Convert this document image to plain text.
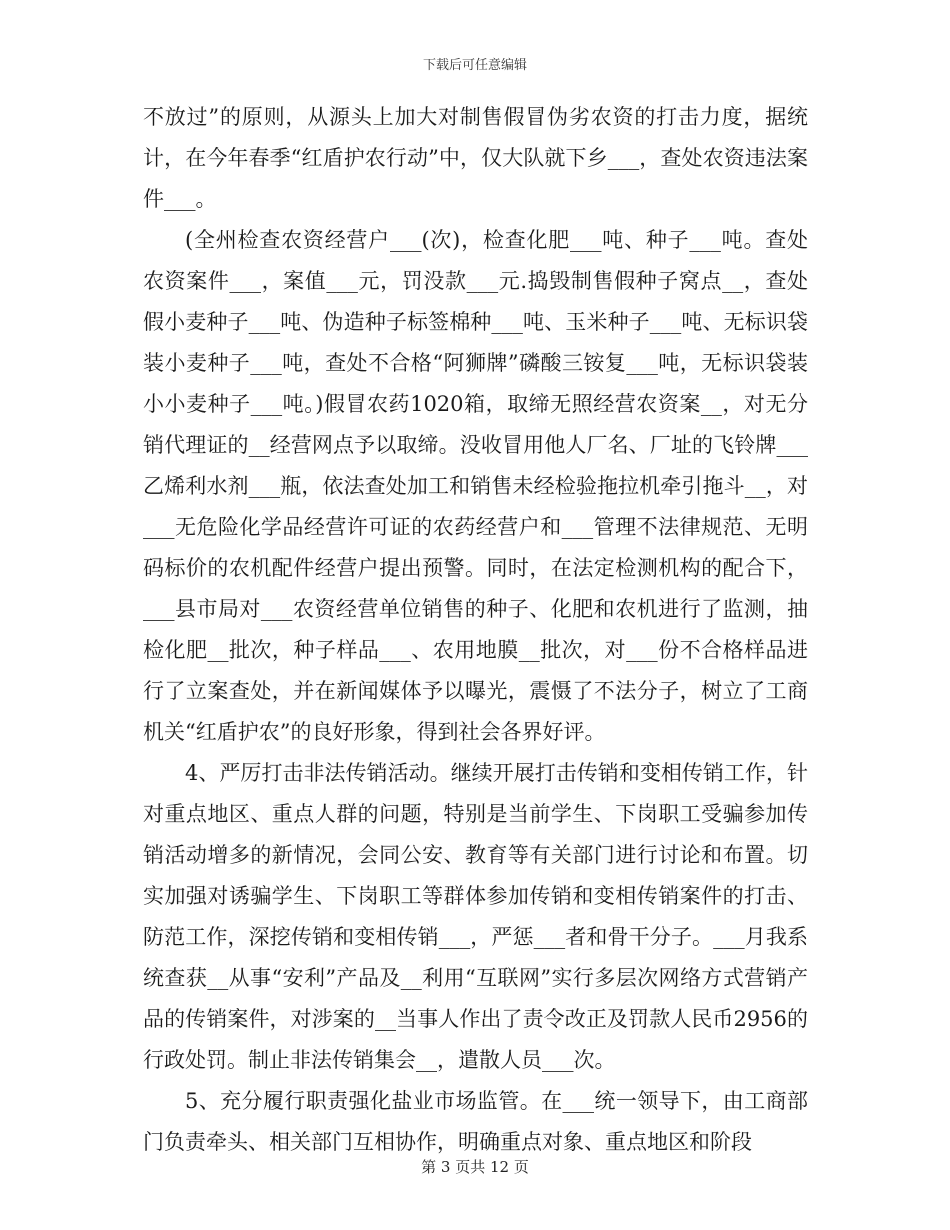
下载后可任意编辑

不放过”的原则，从源头上加大对制售假冒伪劣农资的打击力度，据统计，在今年春季“红盾护农行动”中，仅大队就下乡___，查处农资违法案件___。

(全州检查农资经营户___(次)，检查化肥___吨、种子___吨。查处农资案件___，案值___元，罚没款___元.捣毁制售假种子窝点__，查处假小麦种子___吨、伪造种子标签棉种___吨、玉米种子___吨、无标识袋装小麦种子___吨，查处不合格“阿狮牌”磷酸三铵复___吨，无标识袋装小小麦种子___吨。)假冒农药1020箱，取缔无照经营农资案__，对无分销代理证的__经营网点予以取缔。没收冒用他人厂名、厂址的飞铃牌___乙烯利水剂___瓶，依法查处加工和销售未经检验拖拉机牵引拖斗__，对___无危险化学品经营许可证的农药经营户和___管理不法律规范、无明码标价的农机配件经营户提出预警。同时，在法定检测机构的配合下，___县市局对___农资经营单位销售的种子、化肥和农机进行了监测，抽检化肥__批次，种子样品___、农用地膜__批次，对___份不合格样品进行了立案查处，并在新闻媒体予以曝光，震慑了不法分子，树立了工商机关“红盾护农”的良好形象，得到社会各界好评。

4、严厉打击非法传销活动。继续开展打击传销和变相传销工作，针对重点地区、重点人群的问题，特别是当前学生、下岗职工受骗参加传销活动增多的新情况，会同公安、教育等有关部门进行讨论和布置。切实加强对诱骗学生、下岗职工等群体参加传销和变相传销案件的打击、防范工作，深挖传销和变相传销___，严惩___者和骨干分子。___月我系统查获__从事“安利”产品及__利用“互联网”实行多层次网络方式营销产品的传销案件，对涉案的__当事人作出了责令改正及罚款人民币2956的行政处罚。制止非法传销集会__，遣散人员___次。

5、充分履行职责强化盐业市场监管。在___统一领导下，由工商部门负责牵头、相关部门互相协作，明确重点对象、重点地区和阶段

第 3 页共 12 页
